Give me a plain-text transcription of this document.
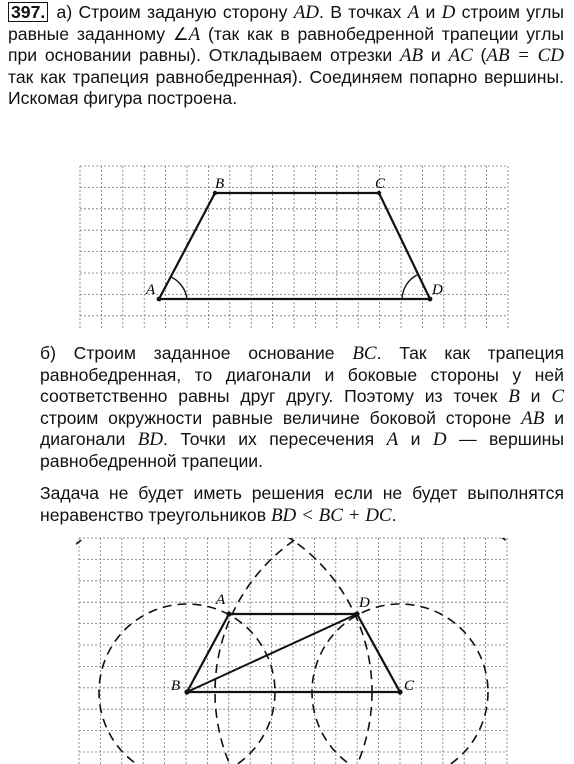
397. а) Строим заданую сторону AD. В точках A и D строим углы равные заданному ∠A (так как в равнобедренной трапеции углы при основании равны). Откладываем отрезки AB и AC (AB = CD так как трапеция равнобедренная). Соединяем попарно вершины. Искомая фигура построена.
б) Строим заданное основание BC. Так как трапеция равнобедренная, то диагонали и боковые стороны у ней соответственно равны друг другу. Поэтому из точек B и C строим окружности равные величине боковой стороне AB и диагонали BD. Точки их пересечения A и D — вершины равнобедренной трапеции.
Задача не будет иметь решения если не будет выполнятся неравенство треугольников BD < BC + DC.
A
B	C
D
A
B	C
D
